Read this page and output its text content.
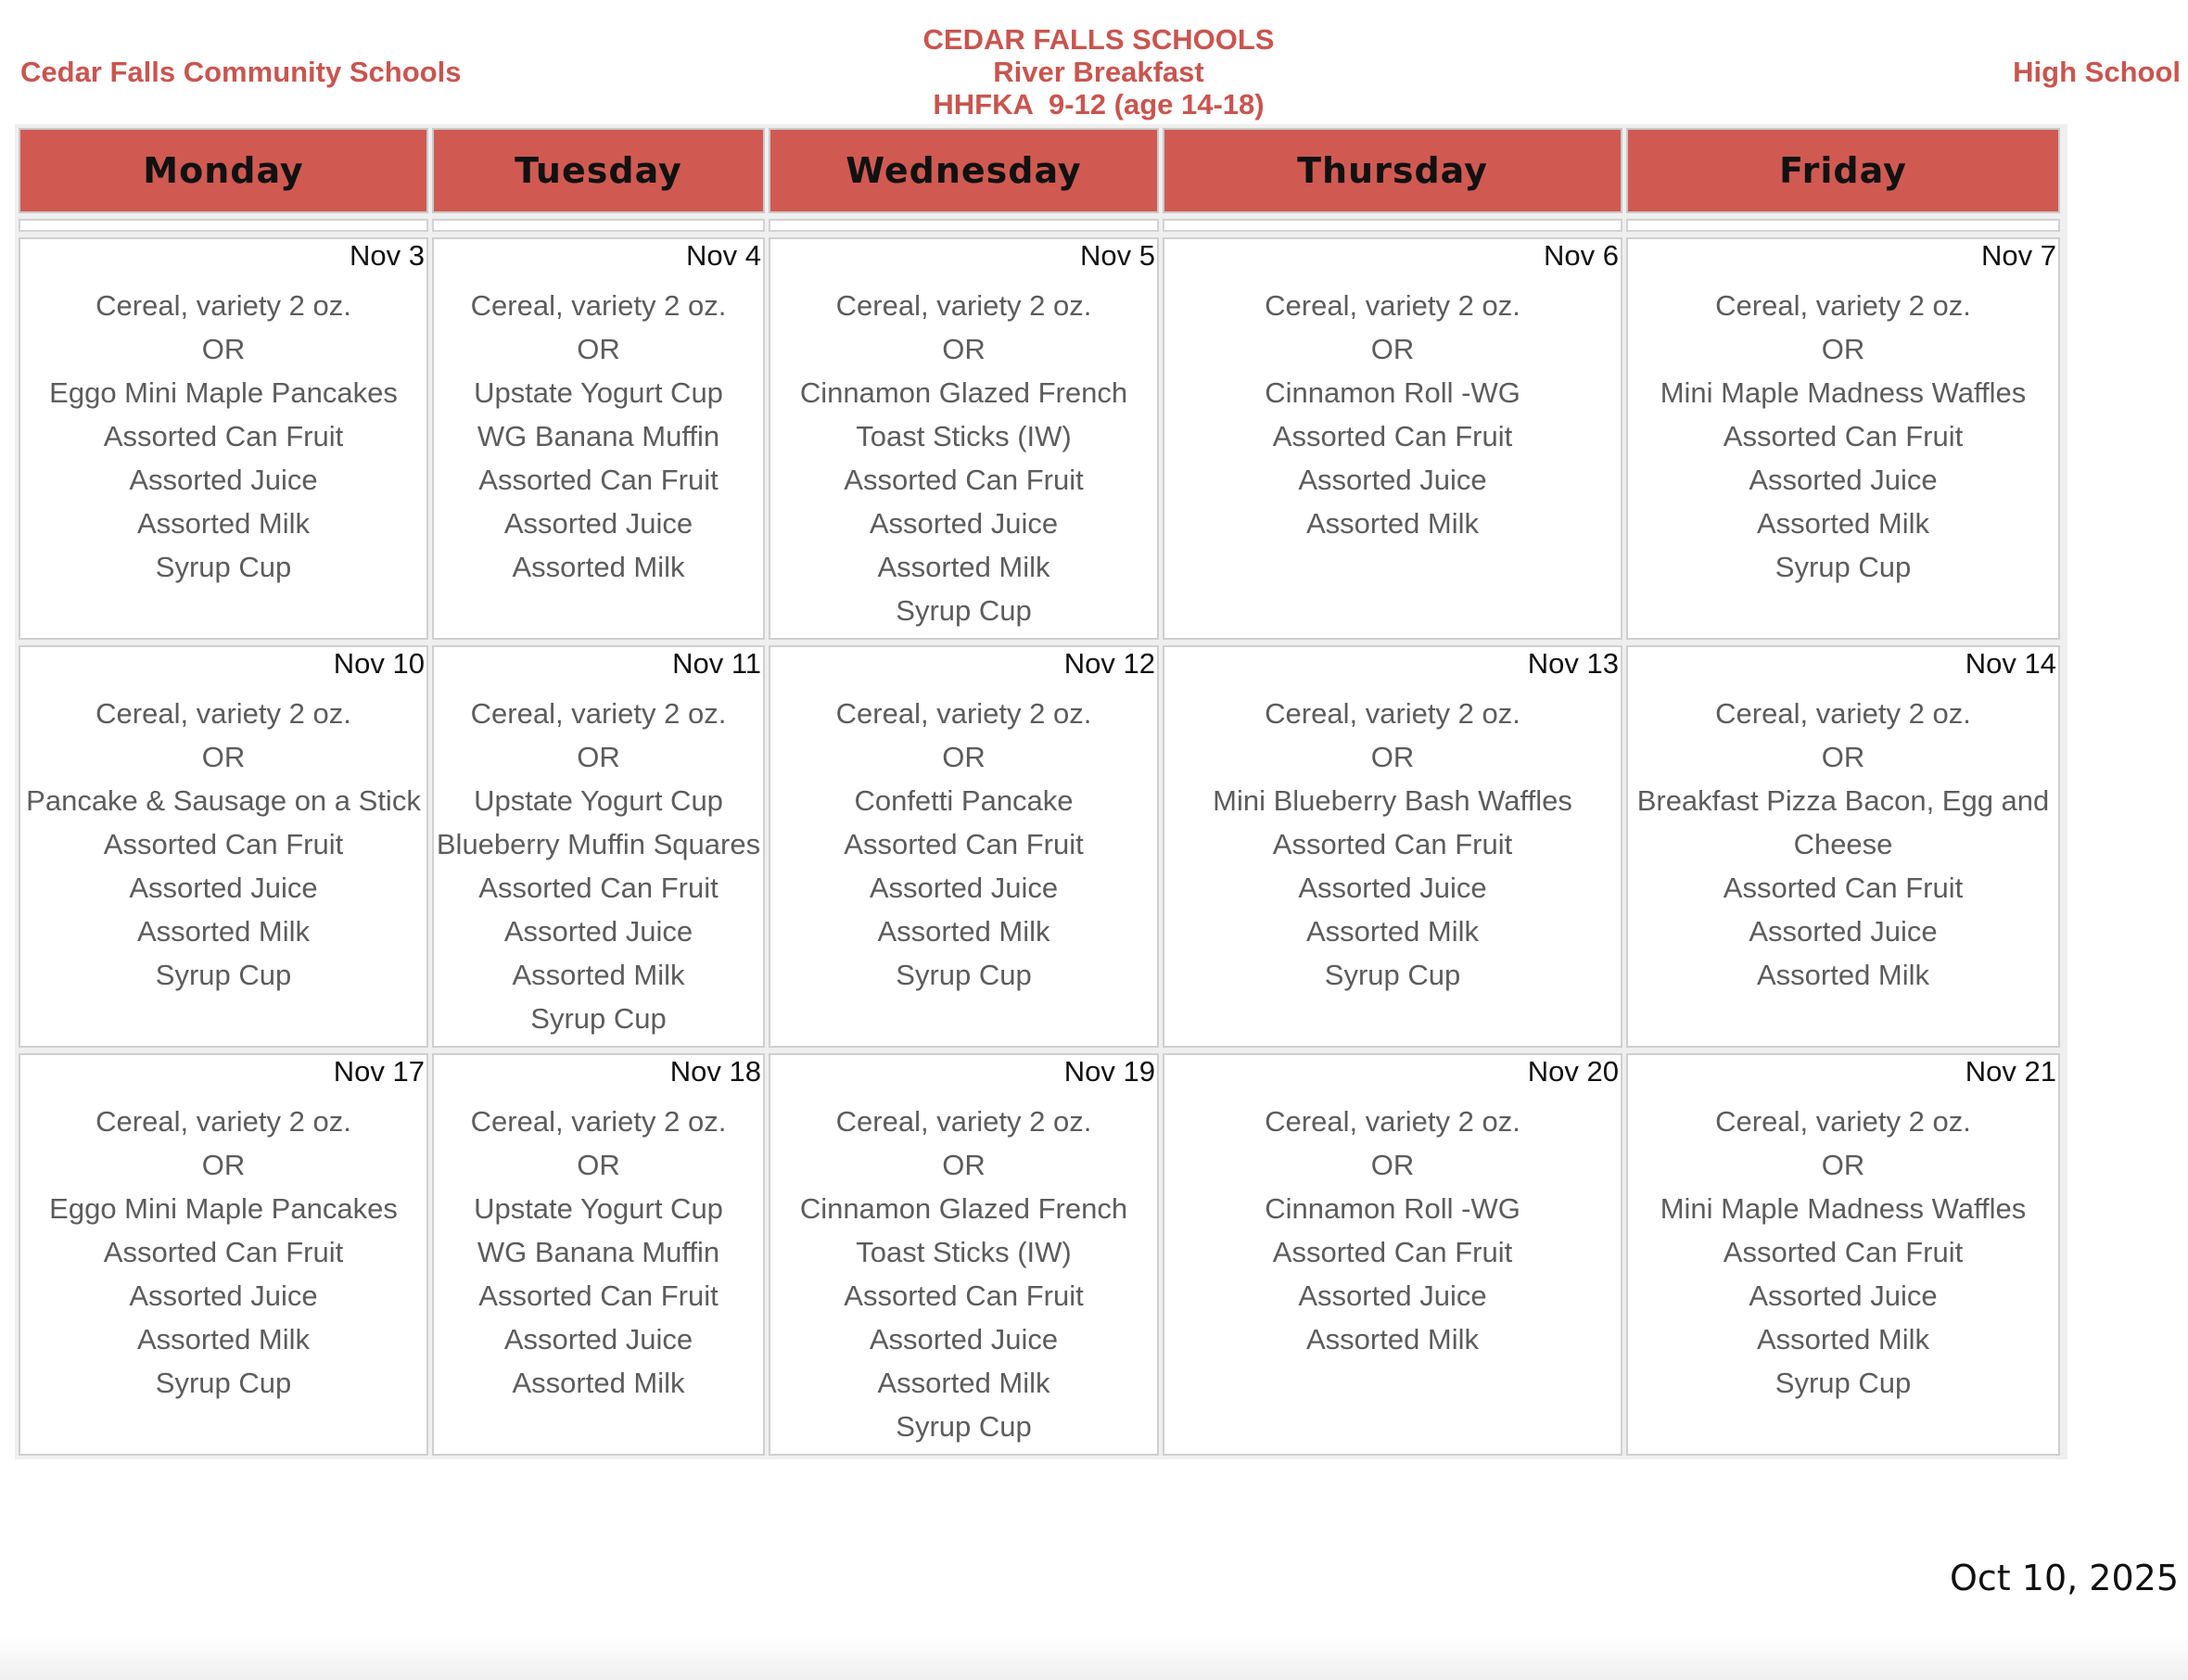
Cedar Falls Community Schools
CEDAR FALLS SCHOOLS
River Breakfast
HHFKA  9-12 (age 14-18)
High School
Monday	Tuesday	Wednesday	Thursday	Friday
Nov 3
Cereal, variety 2 oz.
OR
Eggo Mini Maple Pancakes
Assorted Can Fruit
Assorted Juice
Assorted Milk
Syrup Cup
Nov 4
Cereal, variety 2 oz.
OR
Upstate Yogurt Cup
WG Banana Muffin
Assorted Can Fruit
Assorted Juice
Assorted Milk
Nov 5
Cereal, variety 2 oz.
OR
Cinnamon Glazed French
Toast Sticks (IW)
Assorted Can Fruit
Assorted Juice
Assorted Milk
Syrup Cup
Nov 6
Cereal, variety 2 oz.
OR
Cinnamon Roll -WG
Assorted Can Fruit
Assorted Juice
Assorted Milk
Nov 7
Cereal, variety 2 oz.
OR
Mini Maple Madness Waffles
Assorted Can Fruit
Assorted Juice
Assorted Milk
Syrup Cup
Nov 10
Cereal, variety 2 oz.
OR
Pancake & Sausage on a Stick
Assorted Can Fruit
Assorted Juice
Assorted Milk
Syrup Cup
Nov 11
Cereal, variety 2 oz.
OR
Upstate Yogurt Cup
Blueberry Muffin Squares
Assorted Can Fruit
Assorted Juice
Assorted Milk
Syrup Cup
Nov 12
Cereal, variety 2 oz.
OR
Confetti Pancake
Assorted Can Fruit
Assorted Juice
Assorted Milk
Syrup Cup
Nov 13
Cereal, variety 2 oz.
OR
Mini Blueberry Bash Waffles
Assorted Can Fruit
Assorted Juice
Assorted Milk
Syrup Cup
Nov 14
Cereal, variety 2 oz.
OR
Breakfast Pizza Bacon, Egg and
Cheese
Assorted Can Fruit
Assorted Juice
Assorted Milk
Nov 17
Cereal, variety 2 oz.
OR
Eggo Mini Maple Pancakes
Assorted Can Fruit
Assorted Juice
Assorted Milk
Syrup Cup
Nov 18
Cereal, variety 2 oz.
OR
Upstate Yogurt Cup
WG Banana Muffin
Assorted Can Fruit
Assorted Juice
Assorted Milk
Nov 19
Cereal, variety 2 oz.
OR
Cinnamon Glazed French
Toast Sticks (IW)
Assorted Can Fruit
Assorted Juice
Assorted Milk
Syrup Cup
Nov 20
Cereal, variety 2 oz.
OR
Cinnamon Roll -WG
Assorted Can Fruit
Assorted Juice
Assorted Milk
Nov 21
Cereal, variety 2 oz.
OR
Mini Maple Madness Waffles
Assorted Can Fruit
Assorted Juice
Assorted Milk
Syrup Cup
Oct 10, 2025
